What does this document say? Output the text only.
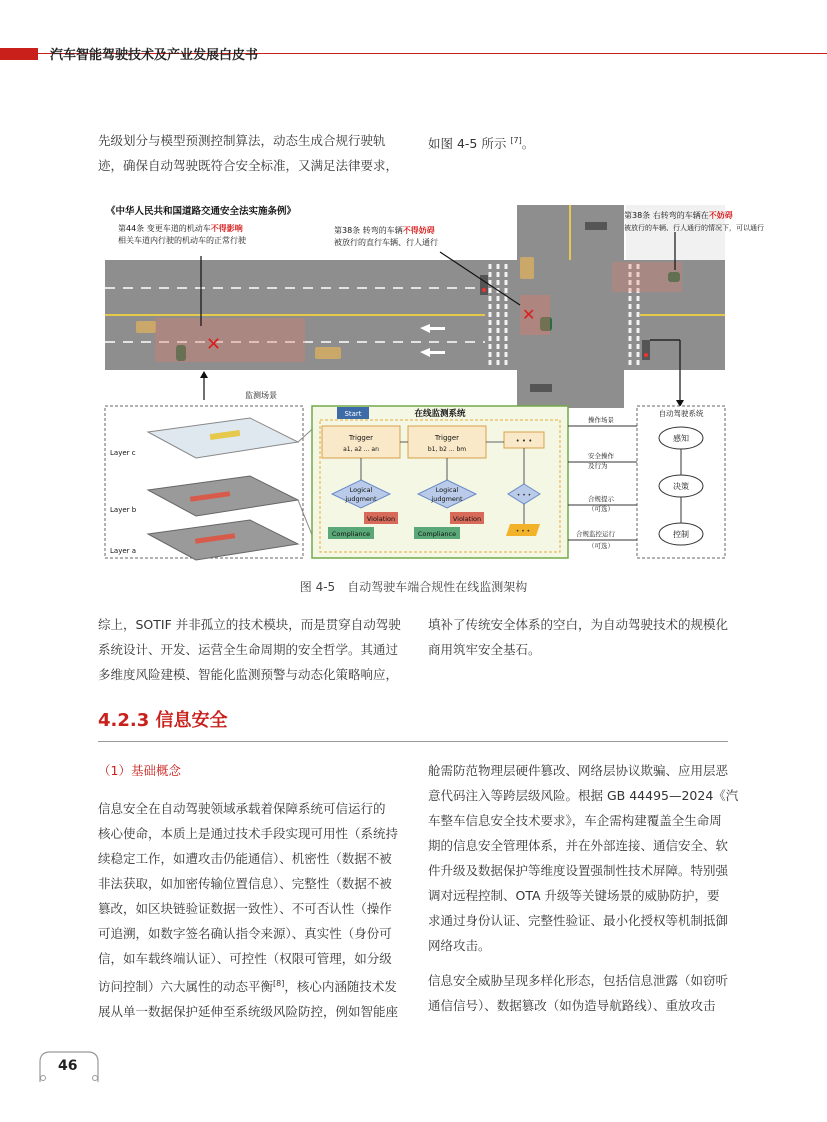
汽车智能驾驶技术及产业发展白皮书

先级划分与模型预测控制算法，动态生成合规行驶轨

迹，确保自动驾驶既符合安全标准，又满足法律要求，

如图 4-5 所示 [7]。

✕
✕
《中华人民共和国道路交通安全法实施条例》
第44条 变更车道的机动车不得影响
相关车道内行驶的机动车的正常行驶
第38条 转弯的车辆不得妨碍
被放行的直行车辆、行人通行
第38条 右转弯的车辆在不妨碍
被放行的车辆、行人通行的情况下，可以通行
监测场景
Layer c
Layer b
Layer a
在线监测系统
Start
Trigger
a1, a2 ... an
Logical
judgment
Violation
Compliance
Trigger
b1, b2 ... bm
Logical
judgment
Violation
Compliance
• • •
• • •
• • •
自动驾驶系统
感知
决策
控制
操作场景
安全操作
及行为
合规提示
（可选）
合规监控运行
（可选）
图 4-5　自动驾驶车端合规性在线监测架构

综上，SOTIF 并非孤立的技术模块，而是贯穿自动驾驶

系统设计、开发、运营全生命周期的安全哲学。其通过

多维度风险建模、智能化监测预警与动态化策略响应，

填补了传统安全体系的空白，为自动驾驶技术的规模化

商用筑牢安全基石。

4.2.3 信息安全
（1）基础概念

信息安全在自动驾驶领域承载着保障系统可信运行的

核心使命，本质上是通过技术手段实现可用性（系统持

续稳定工作，如遭攻击仍能通信）、机密性（数据不被

非法获取，如加密传输位置信息）、完整性（数据不被

篡改，如区块链验证数据一致性）、不可否认性（操作

可追溯，如数字签名确认指令来源）、真实性（身份可

信，如车载终端认证）、可控性（权限可管理，如分级

访问控制）六大属性的动态平衡[8]，核心内涵随技术发

展从单一数据保护延伸至系统级风险防控，例如智能座

舱需防范物理层硬件篡改、网络层协议欺骗、应用层恶

意代码注入等跨层级风险。根据 GB 44495—2024《汽

车整车信息安全技术要求》，车企需构建覆盖全生命周

期的信息安全管理体系，并在外部连接、通信安全、软

件升级及数据保护等维度设置强制性技术屏障。特别强

调对远程控制、OTA 升级等关键场景的威胁防护，要

求通过身份认证、完整性验证、最小化授权等机制抵御

网络攻击。

信息安全威胁呈现多样化形态，包括信息泄露（如窃听

通信信号）、数据篡改（如伪造导航路线）、重放攻击

46
